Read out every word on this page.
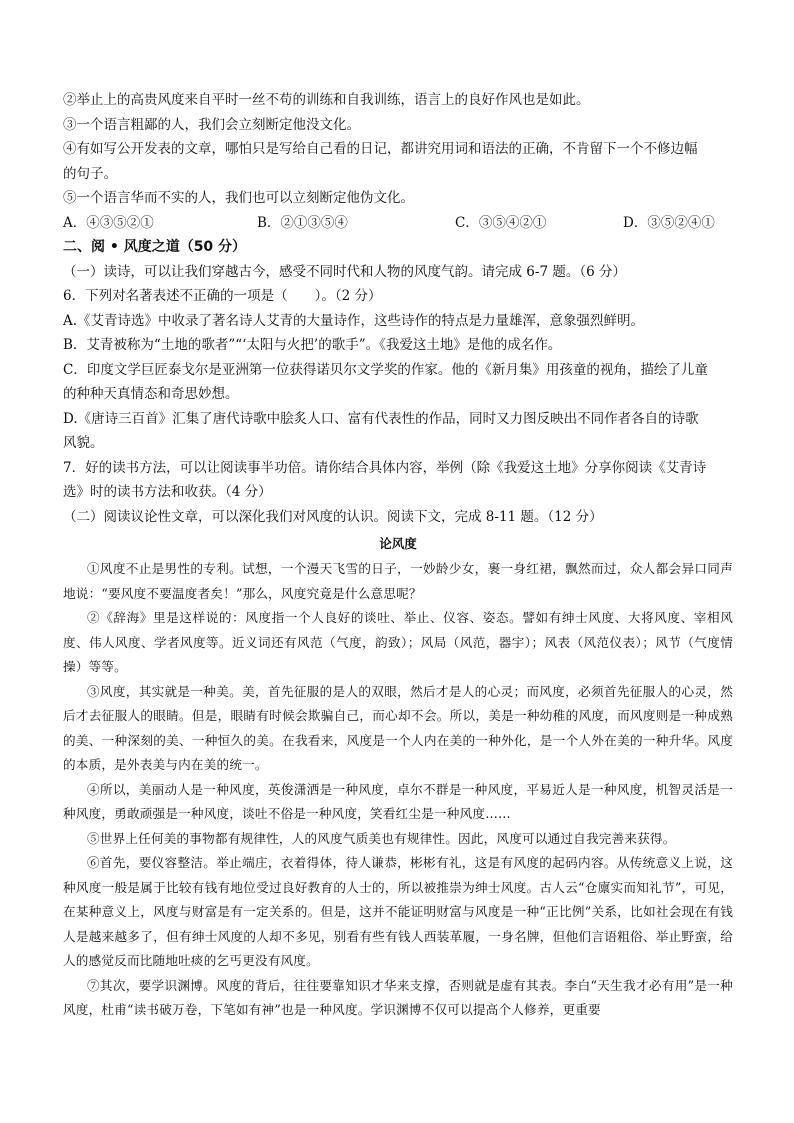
②举止上的高贵风度来自平时一丝不苟的训练和自我训练，语言上的良好作风也是如此。

③一个语言粗鄙的人，我们会立刻断定他没文化。

④有如写公开发表的文章，哪怕只是写给自己看的日记，都讲究用词和语法的正确，不肯留下一个不修边幅

的句子。

⑤一个语言华而不实的人，我们也可以立刻断定他伪文化。

A．④③⑤②①	B．②①③⑤④	C．③⑤④②①	D．③⑤②④①

二、阅 • 风度之道（50 分）

（一）读诗，可以让我们穿越古今，感受不同时代和人物的风度气韵。请完成 6-7 题。（6 分）

6．下列对名著表述不正确的一项是（　　）。（2 分）

A.《艾青诗选》中收录了著名诗人艾青的大量诗作，这些诗作的特点是力量雄浑，意象强烈鲜明。

B．艾青被称为“土地的歌者”“‘太阳与火把’的歌手”。《我爱这土地》是他的成名作。

C．印度文学巨匠泰戈尔是亚洲第一位获得诺贝尔文学奖的作家。他的《新月集》用孩童的视角，描绘了儿童

的种种天真情态和奇思妙想。

D.《唐诗三百首》汇集了唐代诗歌中脍炙人口、富有代表性的作品，同时又力图反映出不同作者各自的诗歌

风貌。

7．好的读书方法，可以让阅读事半功倍。请你结合具体内容，举例（除《我爱这土地》分享你阅读《艾青诗

选》时的读书方法和收获。（4 分）

（二）阅读议论性文章，可以深化我们对风度的认识。阅读下文，完成 8-11 题。（12 分）

论风度

①风度不止是男性的专利。试想，一个漫天飞雪的日子，一妙龄少女，裹一身红裙，飘然而过，众人都会异口同声地说：“要风度不要温度者矣！”那么，风度究竟是什么意思呢？

②《辞海》里是这样说的：风度指一个人良好的谈吐、举止、仪容、姿态。譬如有绅士风度、大将风度、宰相风度、伟人风度、学者风度等。近义词还有风范（气度，韵致）；风局（风范，器宇）；风表（风范仪表）；风节（气度情操）等等。

③风度，其实就是一种美。美，首先征服的是人的双眼，然后才是人的心灵；而风度，必须首先征服人的心灵，然后才去征服人的眼睛。但是，眼睛有时候会欺骗自己，而心却不会。所以，美是一种幼稚的风度，而风度则是一种成熟的美、一种深刻的美、一种恒久的美。在我看来，风度是一个人内在美的一种外化，是一个人外在美的一种升华。风度的本质，是外表美与内在美的统一。

④所以，美丽动人是一种风度，英俊潇洒是一种风度，卓尔不群是一种风度，平易近人是一种风度，机智灵活是一种风度，勇敢顽强是一种风度，谈吐不俗是一种风度，笑看红尘是一种风度……

⑤世界上任何美的事物都有规律性，人的风度气质美也有规律性。因此，风度可以通过自我完善来获得。

⑥首先，要仪容整洁。举止端庄，衣着得体，待人谦恭，彬彬有礼，这是有风度的起码内容。从传统意义上说，这种风度一般是属于比较有钱有地位受过良好教育的人士的，所以被推崇为绅士风度。古人云“仓廪实而知礼节”，可见，在某种意义上，风度与财富是有一定关系的。但是，这并不能证明财富与风度是一种“正比例”关系，比如社会现在有钱人是越来越多了，但有绅士风度的人却不多见，别看有些有钱人西装革履，一身名牌，但他们言语粗俗、举止野蛮，给人的感觉反而比随地吐痰的乞丐更没有风度。

⑦其次，要学识渊博。风度的背后，往往要靠知识才华来支撑，否则就是虚有其表。李白“天生我才必有用”是一种风度，杜甫“读书破万卷，下笔如有神”也是一种风度。学识渊博不仅可以提高个人修养，更重要
